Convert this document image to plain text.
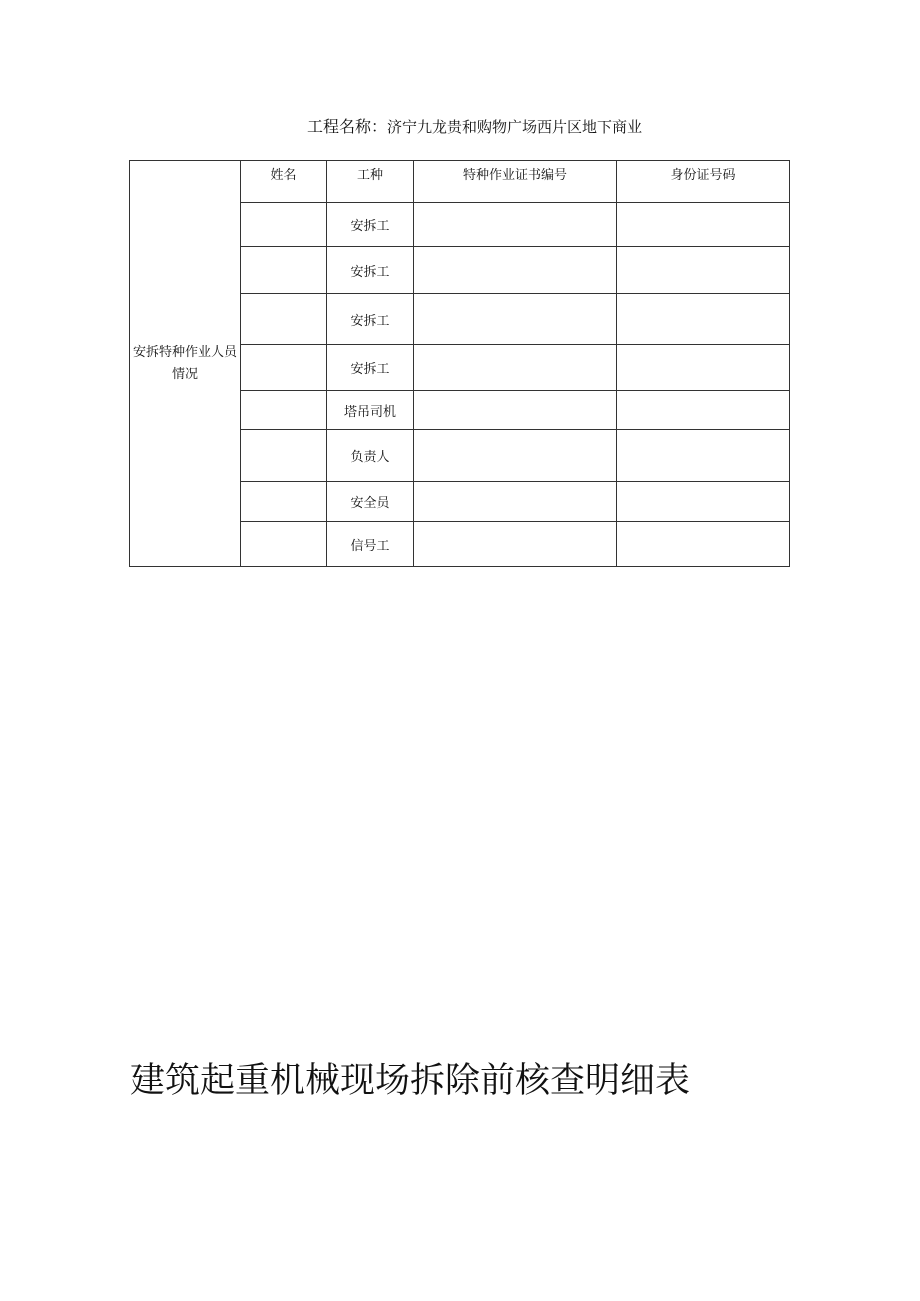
工程名称：济宁九龙贵和购物广场西片区地下商业
安拆特种作业人员情况	姓名	工种	特种作业证书编号	身份证号码
		安拆工		
		安拆工		
		安拆工		
		安拆工		
		塔吊司机		
		负责人		
		安全员		
		信号工		
建筑起重机械现场拆除前核查明细表
